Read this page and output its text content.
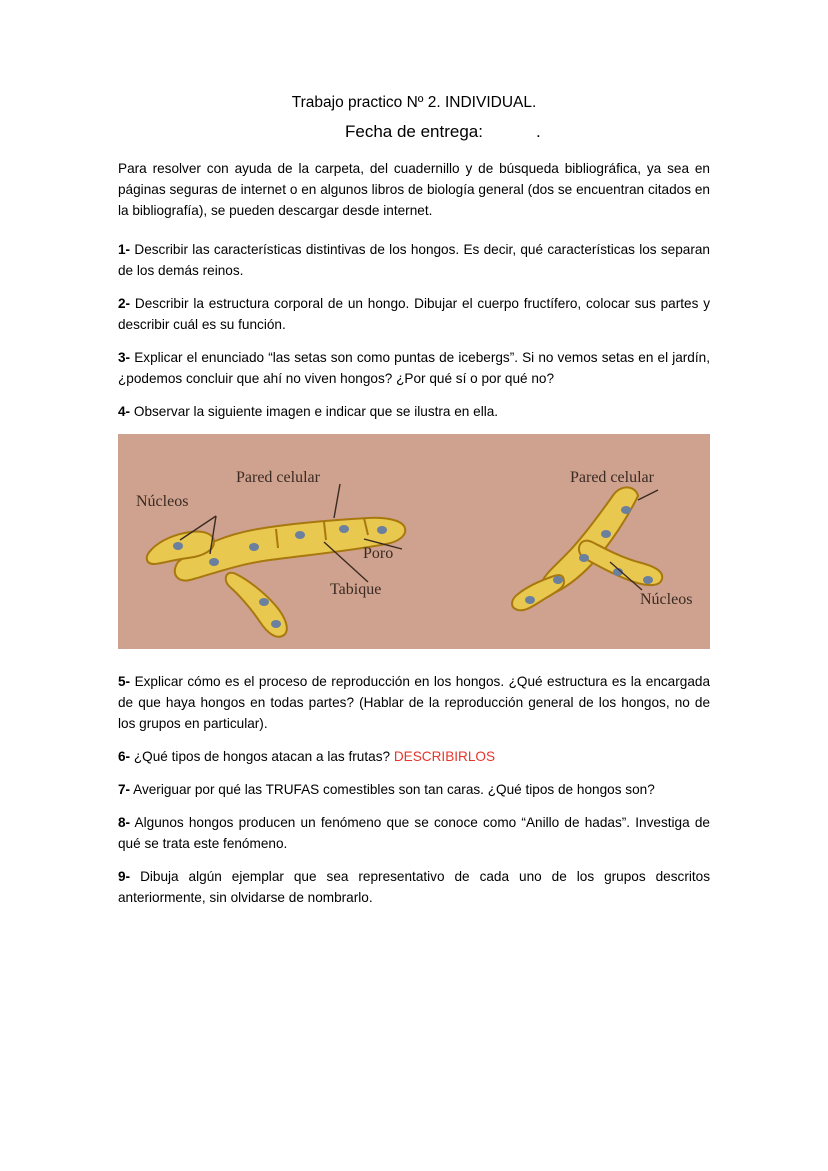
Trabajo practico Nº 2. INDIVIDUAL.
Fecha de entrega:	.

Para resolver con ayuda de la carpeta, del cuadernillo y de búsqueda bibliográfica, ya sea en páginas seguras de internet o en algunos libros de biología general (dos se encuentran citados en la bibliografía), se pueden descargar desde internet.

1- Describir las características distintivas de los hongos. Es decir, qué características los separan de los demás reinos.

2- Describir la estructura corporal de un hongo. Dibujar el cuerpo fructífero, colocar sus partes y describir cuál es su función.

3- Explicar el enunciado “las setas son como puntas de icebergs”. Si no vemos setas en el jardín, ¿podemos concluir que ahí no viven hongos? ¿Por qué sí o por qué no?

4- Observar la siguiente imagen e indicar que se ilustra en ella.

Pared celular
Núcleos
Poro
Tabique
Pared celular
Núcleos

5- Explicar cómo es el proceso de reproducción en los hongos. ¿Qué estructura es la encargada de que haya hongos en todas partes? (Hablar de la reproducción general de los hongos, no de los grupos en particular).

6- ¿Qué tipos de hongos atacan a las frutas? DESCRIBIRLOS

7- Averiguar por qué las TRUFAS comestibles son tan caras. ¿Qué tipos de hongos son?

8- Algunos hongos producen un fenómeno que se conoce como “Anillo de hadas”. Investiga de qué se trata este fenómeno.

9- Dibuja algún ejemplar que sea representativo de cada uno de los grupos descritos anteriormente, sin olvidarse de nombrarlo.
